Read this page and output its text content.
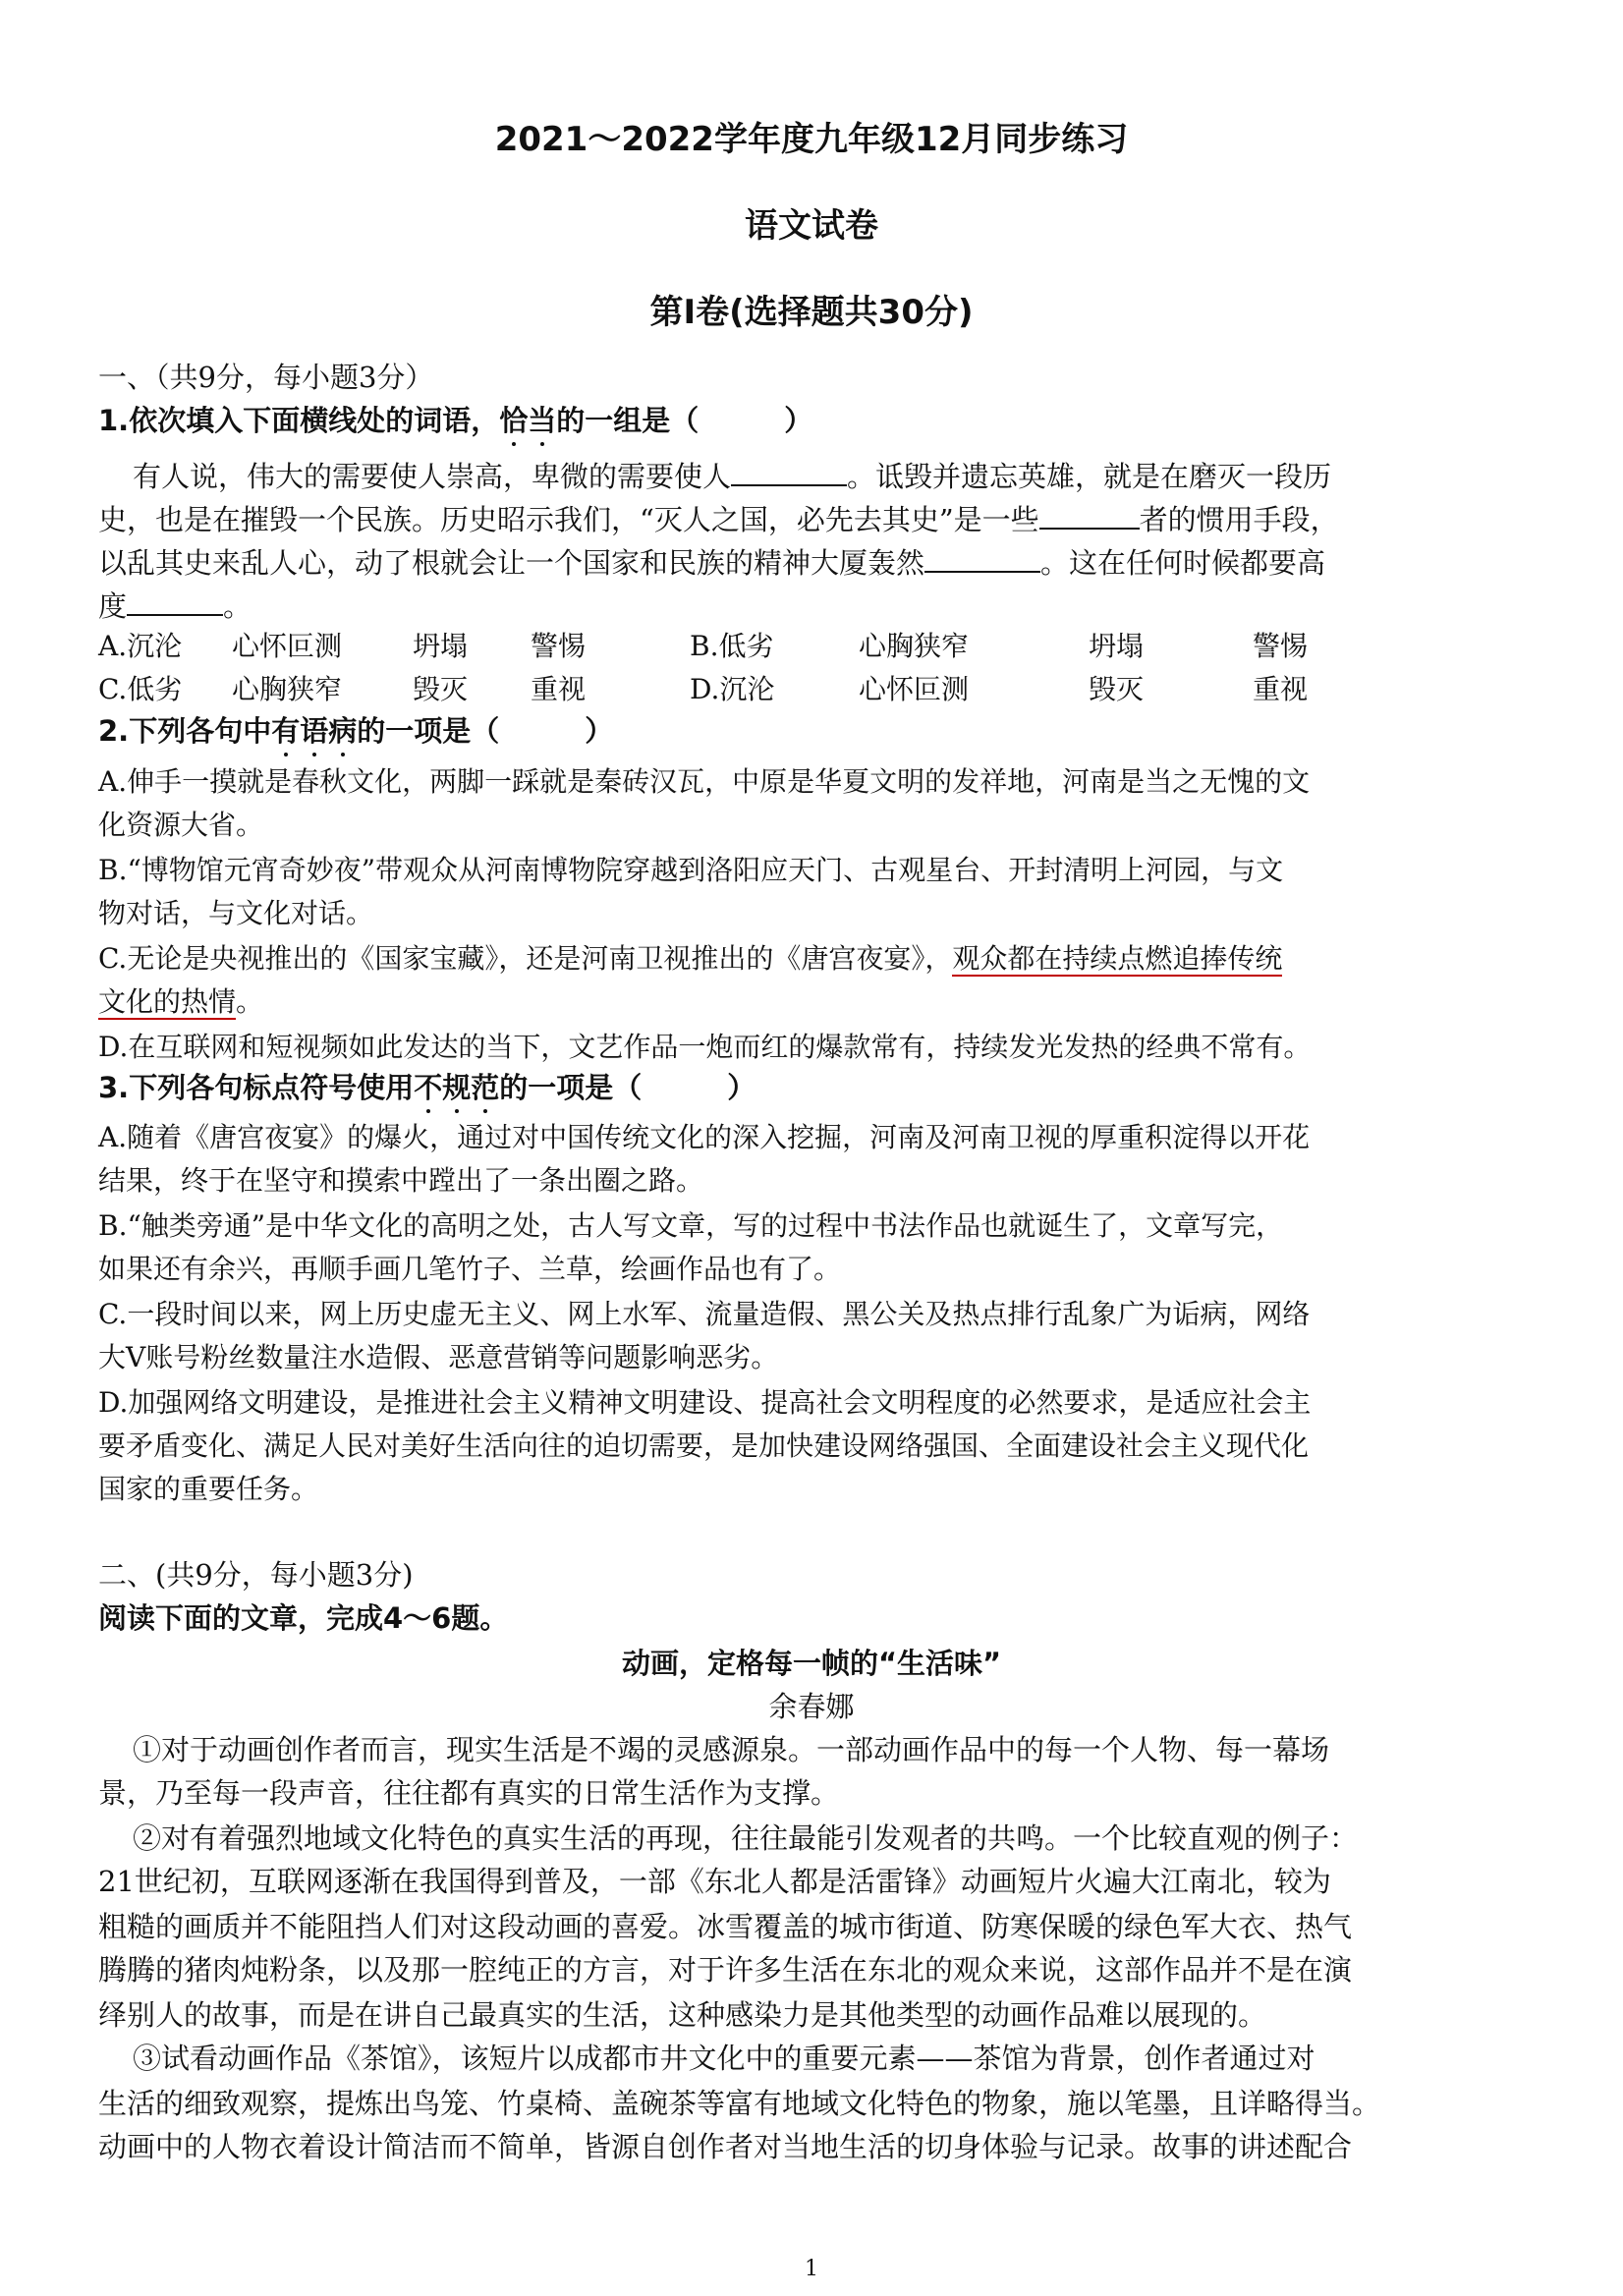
2021～2022学年度九年级12月同步练习
语文试卷
第Ⅰ卷(选择题共30分)
一、（共9分，每小题3分）
1.依次填入下面横线处的词语，恰当的一组是（　　　）
有人说，伟大的需要使人崇高，卑微的需要使人	。诋毁并遗忘英雄，就是在磨灭一段历
史，也是在摧毁一个民族。历史昭示我们，“灭人之国，必先去其史”是一些	者的惯用手段，
以乱其史来乱人心，动了根就会让一个国家和民族的精神大厦轰然	。这在任何时候都要高
度	。
A.沉沦 心怀叵测	坍塌 警惕	B.低劣	心胸狭窄	坍塌	警惕
C.低劣 心胸狭窄	毁灭 重视	D.沉沦	心怀叵测	毁灭	重视
2.下列各句中有语病的一项是（　　　）
A.伸手一摸就是春秋文化，两脚一踩就是秦砖汉瓦，中原是华夏文明的发祥地，河南是当之无愧的文
化资源大省。
B.“博物馆元宵奇妙夜”带观众从河南博物院穿越到洛阳应天门、古观星台、开封清明上河园，与文
物对话，与文化对话。
C.无论是央视推出的《国家宝藏》，还是河南卫视推出的《唐宫夜宴》，观众都在持续点燃追捧传统
文化的热情。
D.在互联网和短视频如此发达的当下，文艺作品一炮而红的爆款常有，持续发光发热的经典不常有。
3.下列各句标点符号使用不规范的一项是（　　　）
A.随着《唐宫夜宴》的爆火，通过对中国传统文化的深入挖掘，河南及河南卫视的厚重积淀得以开花
结果，终于在坚守和摸索中蹚出了一条出圈之路。
B.“触类旁通”是中华文化的高明之处，古人写文章，写的过程中书法作品也就诞生了，文章写完，
如果还有余兴，再顺手画几笔竹子、兰草，绘画作品也有了。
C.一段时间以来，网上历史虚无主义、网上水军、流量造假、黑公关及热点排行乱象广为诟病，网络
大V账号粉丝数量注水造假、恶意营销等问题影响恶劣。
D.加强网络文明建设，是推进社会主义精神文明建设、提高社会文明程度的必然要求，是适应社会主
要矛盾变化、满足人民对美好生活向往的迫切需要，是加快建设网络强国、全面建设社会主义现代化
国家的重要任务。
二、(共9分，每小题3分)
阅读下面的文章，完成4～6题。
动画，定格每一帧的“生活味”
余春娜
①对于动画创作者而言，现实生活是不竭的灵感源泉。一部动画作品中的每一个人物、每一幕场
景，乃至每一段声音，往往都有真实的日常生活作为支撑。
②对有着强烈地域文化特色的真实生活的再现，往往最能引发观者的共鸣。一个比较直观的例子：
21世纪初，互联网逐渐在我国得到普及，一部《东北人都是活雷锋》动画短片火遍大江南北，较为
粗糙的画质并不能阻挡人们对这段动画的喜爱。冰雪覆盖的城市街道、防寒保暖的绿色军大衣、热气
腾腾的猪肉炖粉条，以及那一腔纯正的方言，对于许多生活在东北的观众来说，这部作品并不是在演
绎别人的故事，而是在讲自己最真实的生活，这种感染力是其他类型的动画作品难以展现的。
③试看动画作品《茶馆》，该短片以成都市井文化中的重要元素——茶馆为背景，创作者通过对
生活的细致观察，提炼出鸟笼、竹桌椅、盖碗茶等富有地域文化特色的物象，施以笔墨，且详略得当。
动画中的人物衣着设计简洁而不简单，皆源自创作者对当地生活的切身体验与记录。故事的讲述配合
1
